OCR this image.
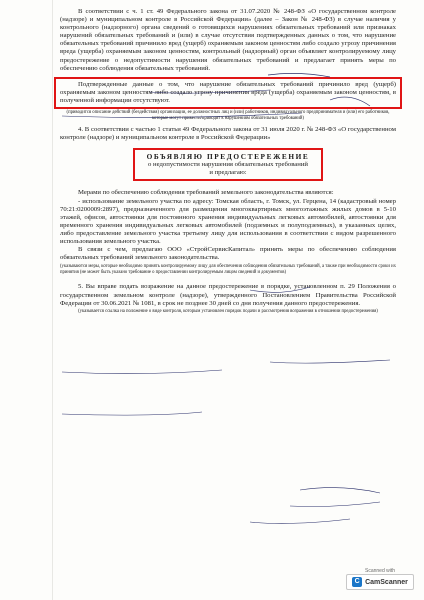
В соответствии с ч. 1 ст. 49 Федерального закона от 31.07.2020 № 248-ФЗ «О государственном контроле (надзоре) и муниципальном контроле в Российской Федерации» (далее – Закон № 248-ФЗ) в случае наличия у контрольного (надзорного) органа сведений о готовящихся нарушениях обязательных требований или признаках нарушений обязательных требований и (или) в случае отсутствия подтвержденных данных о том, что нарушение обязательных требований причинило вред (ущерб) охраняемым законом ценностям либо создало угрозу причинения вреда (ущерба) охраняемым законом ценностям, контрольный (надзорный) орган объявляет контролируемому лицу предостережение о недопустимости нарушения обязательных требований и предлагает принять меры по обеспечению соблюдения обязательных требований.

Подтвержденные данные о том, что нарушение обязательных требований причинило вред (ущерб) охраняемым законом ценностям либо создало угрозу причинения вреда (ущерба) охраняемым законом ценностям, в полученной информации отсутствуют.

(приводится описание действий (бездействия) организации, ее должностных лиц и (или) работников, индивидуального предпринимателя и (или) его работников, которые могут привести/приводят к нарушениям обязательных требований)

4. В соответствии с частью 1 статьи 49 Федерального закона от 31 июля 2020 г. № 248-ФЗ «О государственном контроле (надзоре) и муниципальном контроле в Российской Федерации»

ОБЪЯВЛЯЮ ПРЕДОСТЕРЕЖЕНИЕ
о недопустимости нарушения обязательных требований
и предлагаю:

Мерами по обеспечению соблюдения требований земельного законодательства являются:

- использование земельного участка по адресу: Томская область, г. Томск, ул. Герцена, 14 (кадастровый номер 70:21:0200009:2897), предназначенного для размещения многоквартирных многоэтажных жилых домов в 5-10 этажей, офисов, автостоянки для постоянного хранения индивидуальных легковых автомобилей, автостоянки для временного хранения индивидуальных легковых автомобилей (подземных и полуподземных), в указанных целях, либо предоставление земельного участка третьему лицу для использования в соответствии с видом разрешенного использования земельного участка.

В связи с чем, предлагаю ООО «СтройСервисКапитал» принять меры по обеспечению соблюдения обязательных требований земельного законодательства.

(указываются меры, которые необходимо принять контролируемому лицу для обеспечения соблюдения обязательных требований, а также при необходимости сроки их принятия (не может быть указано требование о предоставлении контролируемым лицом сведений и документов)

5. Вы вправе подать возражение на данное предостережение в порядке, установленном п. 29 Положения о государственном земельном контроле (надзоре), утвержденного Постановлением Правительства Российской Федерации от 30.06.2021 № 1081, в срок не позднее 30 дней со дня получения данного предостережения.

(указывается ссылка на положение о виде контроля, которым установлен порядок подачи и рассмотрения возражения в отношении предостережения)

Scanned with
C CamScanner
